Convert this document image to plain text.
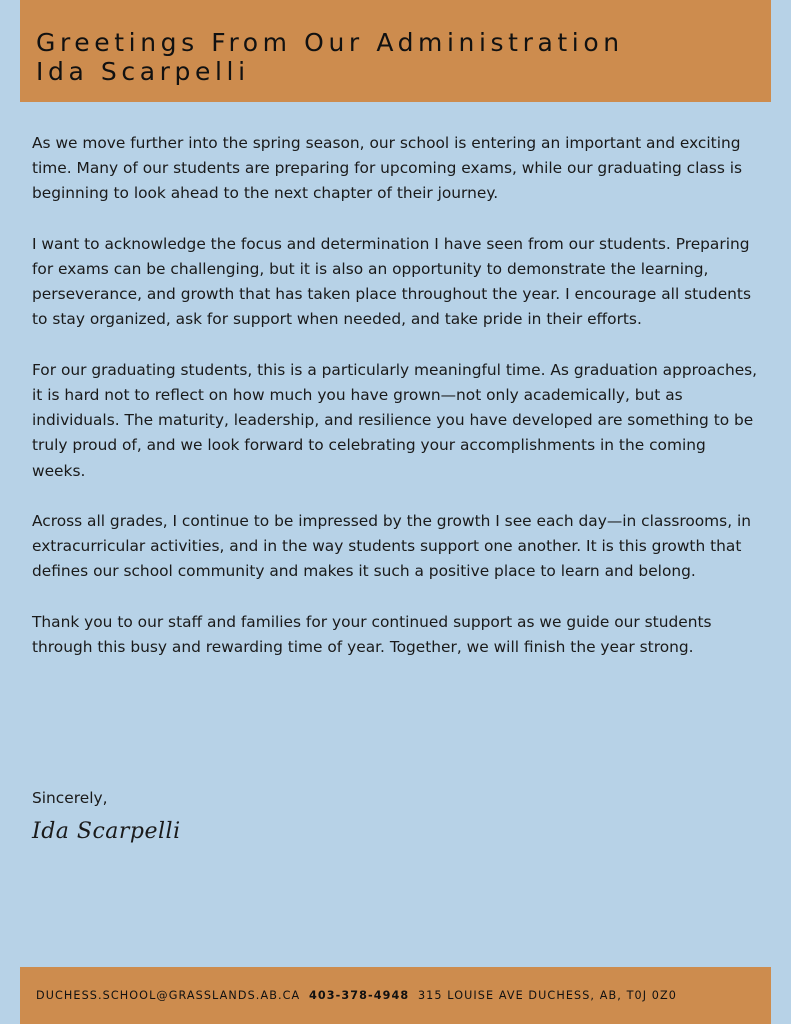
Greetings From Our Administration
Ida Scarpelli

As we move further into the spring season, our school is entering an important and exciting time. Many of our students are preparing for upcoming exams, while our graduating class is beginning to look ahead to the next chapter of their journey.

I want to acknowledge the focus and determination I have seen from our students. Preparing for exams can be challenging, but it is also an opportunity to demonstrate the learning, perseverance, and growth that has taken place throughout the year. I encourage all students to stay organized, ask for support when needed, and take pride in their efforts.

For our graduating students, this is a particularly meaningful time. As graduation approaches, it is hard not to reflect on how much you have grown—not only academically, but as individuals. The maturity, leadership, and resilience you have developed are something to be truly proud of, and we look forward to celebrating your accomplishments in the coming weeks.

Across all grades, I continue to be impressed by the growth I see each day—in classrooms, in extracurricular activities, and in the way students support one another. It is this growth that defines our school community and makes it such a positive place to learn and belong.

Thank you to our staff and families for your continued support as we guide our students through this busy and rewarding time of year. Together, we will finish the year strong.

Sincerely,
Ida Scarpelli
DUCHESS.SCHOOL@GRASSLANDS.AB.CA 403-378-4948 315 LOUISE AVE DUCHESS, AB, T0J 0Z0
